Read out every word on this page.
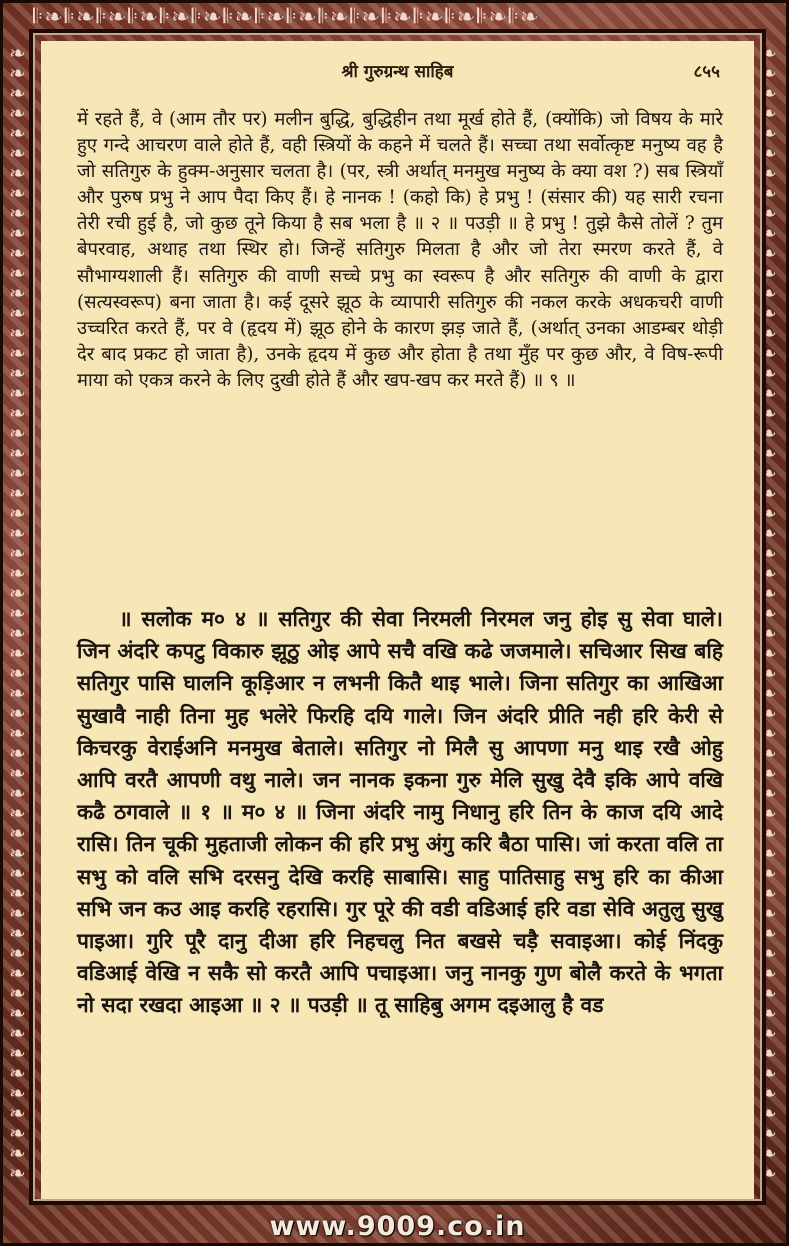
𝄆❧𝄆❧𝄆❧𝄆❧𝄆❧𝄆❧𝄆❧𝄆❧𝄆❧𝄆❧𝄆❧𝄆❧𝄆❧𝄆❧𝄆❧𝄆❧
❧❧❧❧❧❧❧❧❧❧❧❧❧❧❧❧❧❧❧❧❧❧❧❧❧❧❧❧❧❧❧❧❧❧❧❧❧❧❧❧❧❧❧❧❧❧❧❧❧❧❧❧❧❧❧❧❧
❧❧❧❧❧❧❧❧❧❧❧❧❧❧❧❧❧❧❧❧❧❧❧❧❧❧❧❧❧❧❧❧❧❧❧❧❧❧❧❧❧❧❧❧❧❧❧❧❧❧❧❧❧❧❧❧❧
श्री गुरुग्रन्थ साहिब	८५५

में रहते हैं, वे (आम तौर पर) मलीन बुद्धि, बुद्धिहीन तथा मूर्ख होते हैं, (क्योंकि) जो विषय के मारे हुए गन्दे आचरण वाले होते हैं, वही स्त्रियों के कहने में चलते हैं। सच्चा तथा सर्वोत्कृष्ट मनुष्य वह है जो सतिगुरु के हुक्म-अनुसार चलता है। (पर, स्त्री अर्थात् मनमुख मनुष्य के क्या वश ?) सब स्त्रियाँ और पुरुष प्रभु ने आप पैदा किए हैं। हे नानक ! (कहो कि) हे प्रभु ! (संसार की) यह सारी रचना तेरी रची हुई है, जो कुछ तूने किया है सब भला है ॥ २ ॥ पउड़ी ॥ हे प्रभु ! तुझे कैसे तोलें ? तुम बेपरवाह, अथाह तथा स्थिर हो। जिन्हें सतिगुरु मिलता है और जो तेरा स्मरण करते हैं, वे सौभाग्यशाली हैं। सतिगुरु की वाणी सच्चे प्रभु का स्वरूप है और सतिगुरु की वाणी के द्वारा (सत्यस्वरूप) बना जाता है। कई दूसरे झूठ के व्यापारी सतिगुरु की नकल करके अधकचरी वाणी उच्चरित करते हैं, पर वे (हृदय में) झूठ होने के कारण झड़ जाते हैं, (अर्थात् उनका आडम्बर थोड़ी देर बाद प्रकट हो जाता है), उनके हृदय में कुछ और होता है तथा मुँह पर कुछ और, वे विष-रूपी माया को एकत्र करने के लिए दुखी होते हैं और खप-खप कर मरते हैं) ॥ ९ ॥

॥ सलोक म० ४ ॥ सतिगुर की सेवा निरमली निरमल जनु होइ सु सेवा घाले। जिन अंदरि कपटु विकारु झूठु ओइ आपे सचै वखि कढे जजमाले। सचिआर सिख बहि सतिगुर पासि घालनि कूड़िआर न लभनी कितै थाइ भाले। जिना सतिगुर का आखिआ सुखावै नाही तिना मुह भलेरे फिरहि दयि गाले। जिन अंदरि प्रीति नही हरि केरी से किचरकु वेराईअनि मनमुख बेताले। सतिगुर नो मिलै सु आपणा मनु थाइ रखै ओहु आपि वरतै आपणी वथु नाले। जन नानक इकना गुरु मेलि सुखु देवै इकि आपे वखि कढै ठगवाले ॥ १ ॥ म० ४ ॥ जिना अंदरि नामु निधानु हरि तिन के काज दयि आदे रासि। तिन चूकी मुहताजी लोकन की हरि प्रभु अंगु करि बैठा पासि। जां करता वलि ता सभु को वलि सभि दरसनु देखि करहि साबासि। साहु पातिसाहु सभु हरि का कीआ सभि जन कउ आइ करहि रहरासि। गुर पूरे की वडी वडिआई हरि वडा सेवि अतुलु सुखु पाइआ। गुरि पूरै दानु दीआ हरि निहचलु नित बखसे चड़ै सवाइआ। कोई निंदकु वडिआई वेखि न सकै सो करतै आपि पचाइआ। जनु नानकु गुण बोलै करते के भगता नो सदा रखदा आइआ ॥ २ ॥ पउड़ी ॥ तू साहिबु अगम दइआलु है वड

www.9009.co.in
